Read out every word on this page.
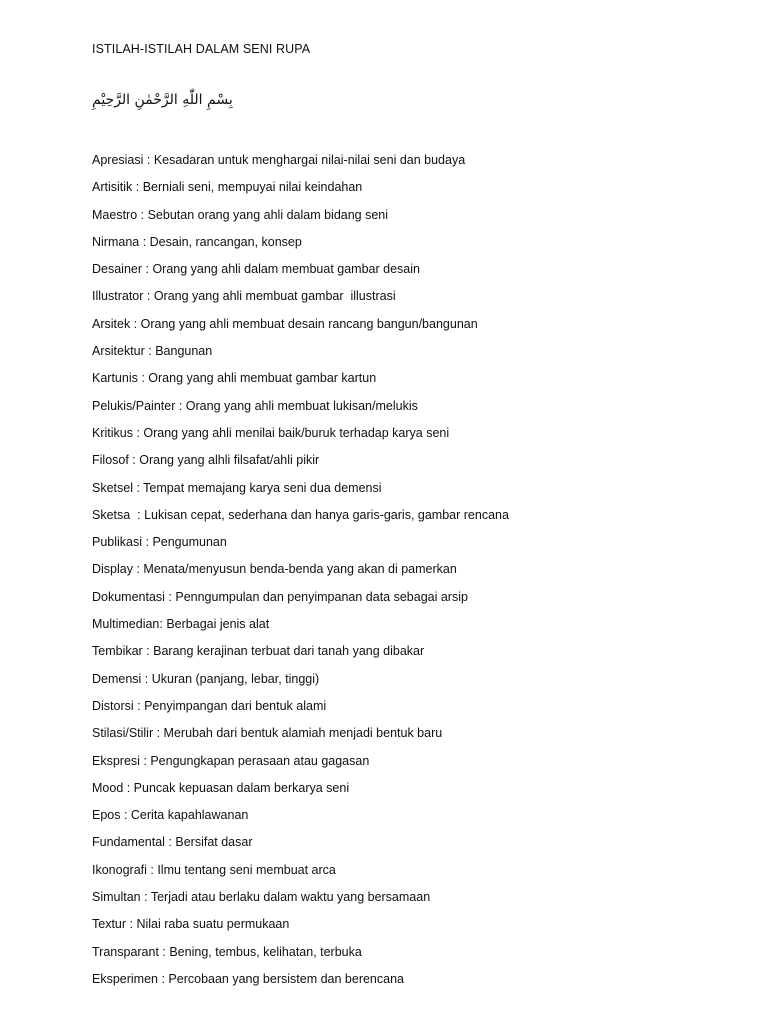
ISTILAH-ISTILAH DALAM SENI RUPA
بِسْمِ اللّٰهِ الرَّحْمٰنِ الرَّحِيْمِ
Apresiasi : Kesadaran untuk menghargai nilai-nilai seni dan budaya
Artisitik : Berniali seni, mempuyai nilai keindahan
Maestro : Sebutan orang yang ahli dalam bidang seni
Nirmana : Desain, rancangan, konsep
Desainer : Orang yang ahli dalam membuat gambar desain
Illustrator : Orang yang ahli membuat gambar  illustrasi
Arsitek : Orang yang ahli membuat desain rancang bangun/bangunan
Arsitektur : Bangunan
Kartunis : Orang yang ahli membuat gambar kartun
Pelukis/Painter : Orang yang ahli membuat lukisan/melukis
Kritikus : Orang yang ahli menilai baik/buruk terhadap karya seni
Filosof : Orang yang alhli filsafat/ahli pikir
Sketsel : Tempat memajang karya seni dua demensi
Sketsa  : Lukisan cepat, sederhana dan hanya garis-garis, gambar rencana
Publikasi : Pengumunan
Display : Menata/menyusun benda-benda yang akan di pamerkan
Dokumentasi : Penngumpulan dan penyimpanan data sebagai arsip
Multimedian: Berbagai jenis alat
Tembikar : Barang kerajinan terbuat dari tanah yang dibakar
Demensi : Ukuran (panjang, lebar, tinggi)
Distorsi : Penyimpangan dari bentuk alami
Stilasi/Stilir : Merubah dari bentuk alamiah menjadi bentuk baru
Ekspresi : Pengungkapan perasaan atau gagasan
Mood : Puncak kepuasan dalam berkarya seni
Epos : Cerita kapahlawanan
Fundamental : Bersifat dasar
Ikonografi : Ilmu tentang seni membuat arca
Simultan : Terjadi atau berlaku dalam waktu yang bersamaan
Textur : Nilai raba suatu permukaan
Transparant : Bening, tembus, kelihatan, terbuka
Eksperimen : Percobaan yang bersistem dan berencana
